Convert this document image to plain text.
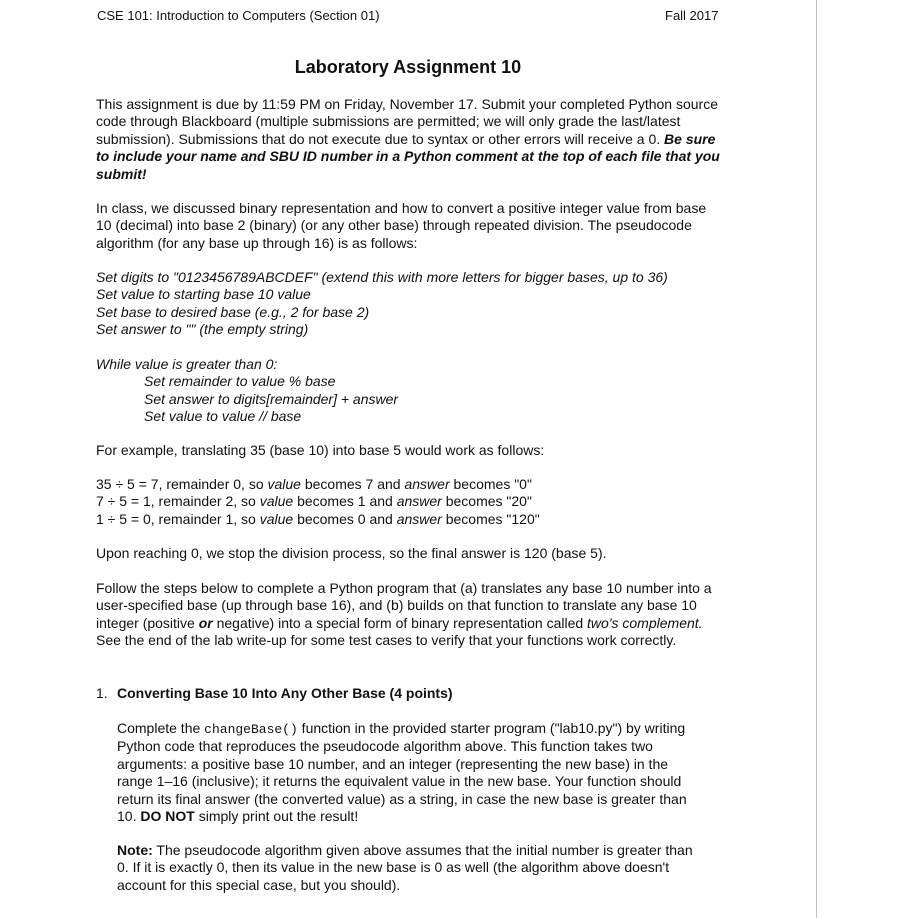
CSE 101: Introduction to Computers (Section 01)	Fall 2017
Laboratory Assignment 10

This assignment is due by 11:59 PM on Friday, November 17. Submit your completed Python source code through Blackboard (multiple submissions are permitted; we will only grade the last/latest submission). Submissions that do not execute due to syntax or other errors will receive a 0. Be sure to include your name and SBU ID number in a Python comment at the top of each file that you submit!

In class, we discussed binary representation and how to convert a positive integer value from base 10 (decimal) into base 2 (binary) (or any other base) through repeated division. The pseudocode algorithm (for any base up through 16) is as follows:

Set digits to "0123456789ABCDEF" (extend this with more letters for bigger bases, up to 36)
Set value to starting base 10 value
Set base to desired base (e.g., 2 for base 2)
Set answer to "" (the empty string)
While value is greater than 0:
Set remainder to value % base
Set answer to digits[remainder] + answer
Set value to value // base

For example, translating 35 (base 10) into base 5 would work as follows:

35 ÷ 5 = 7, remainder 0, so value becomes 7 and answer becomes "0"
7 ÷ 5 = 1, remainder 2, so value becomes 1 and answer becomes "20"
1 ÷ 5 = 0, remainder 1, so value becomes 0 and answer becomes "120"

Upon reaching 0, we stop the division process, so the final answer is 120 (base 5).

Follow the steps below to complete a Python program that (a) translates any base 10 number into a user-specified base (up through base 16), and (b) builds on that function to translate any base 10 integer (positive or negative) into a special form of binary representation called two's complement. See the end of the lab write-up for some test cases to verify that your functions work correctly.

1. Converting Base 10 Into Any Other Base (4 points)

Complete the changeBase() function in the provided starter program ("lab10.py") by writing Python code that reproduces the pseudocode algorithm above. This function takes two arguments: a positive base 10 number, and an integer (representing the new base) in the range 1–16 (inclusive); it returns the equivalent value in the new base. Your function should return its final answer (the converted value) as a string, in case the new base is greater than 10. DO NOT simply print out the result!

Note: The pseudocode algorithm given above assumes that the initial number is greater than 0. If it is exactly 0, then its value in the new base is 0 as well (the algorithm above doesn't account for this special case, but you should).
